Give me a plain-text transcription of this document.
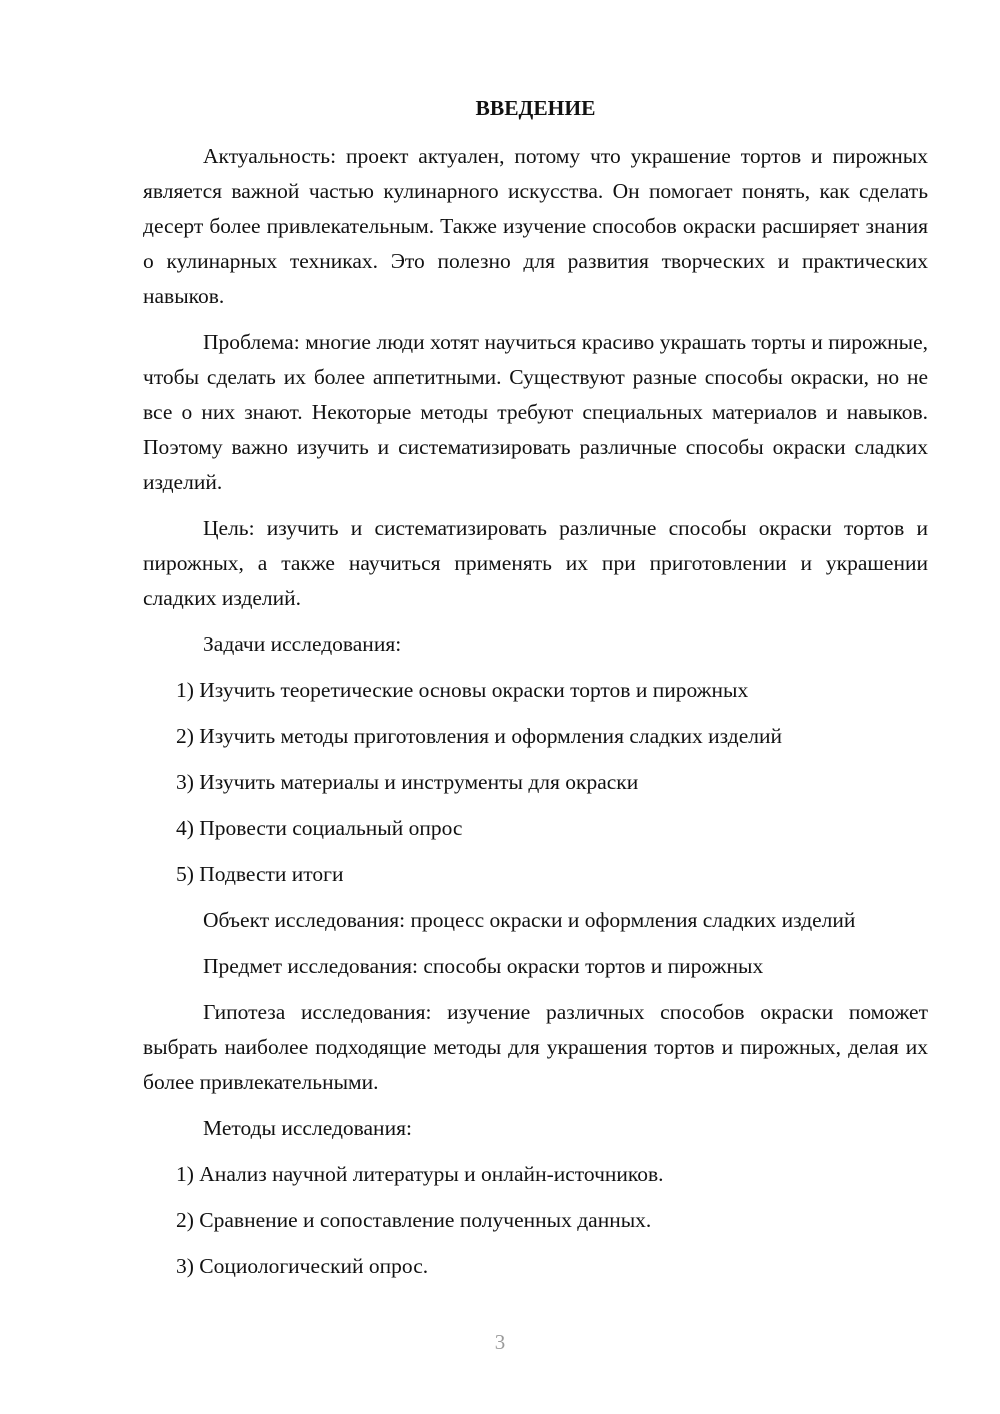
ВВЕДЕНИЕ

Актуальность: проект актуален, потому что украшение тортов и пирожных является важной частью кулинарного искусства. Он помогает понять, как сделать десерт более привлекательным. Также изучение способов окраски расширяет знания о кулинарных техниках. Это полезно для развития творческих и практических навыков.

Проблема: многие люди хотят научиться красиво украшать торты и пирожные, чтобы сделать их более аппетитными. Существуют разные способы окраски, но не все о них знают. Некоторые методы требуют специальных материалов и навыков. Поэтому важно изучить и систематизировать различные способы окраски сладких изделий.

Цель: изучить и систематизировать различные способы окраски тортов и пирожных, а также научиться применять их при приготовлении и украшении сладких изделий.

Задачи исследования:

1) Изучить теоретические основы окраски тортов и пирожных

2) Изучить методы приготовления и оформления сладких изделий

3) Изучить материалы и инструменты для окраски

4) Провести социальный опрос

5) Подвести итоги

Объект исследования: процесс окраски и оформления сладких изделий

Предмет исследования: способы окраски тортов и пирожных

Гипотеза исследования: изучение различных способов окраски поможет выбрать наиболее подходящие методы для украшения тортов и пирожных, делая их более привлекательными.

Методы исследования:

1) Анализ научной литературы и онлайн-источников.

2) Сравнение и сопоставление полученных данных.

3) Социологический опрос.

3
